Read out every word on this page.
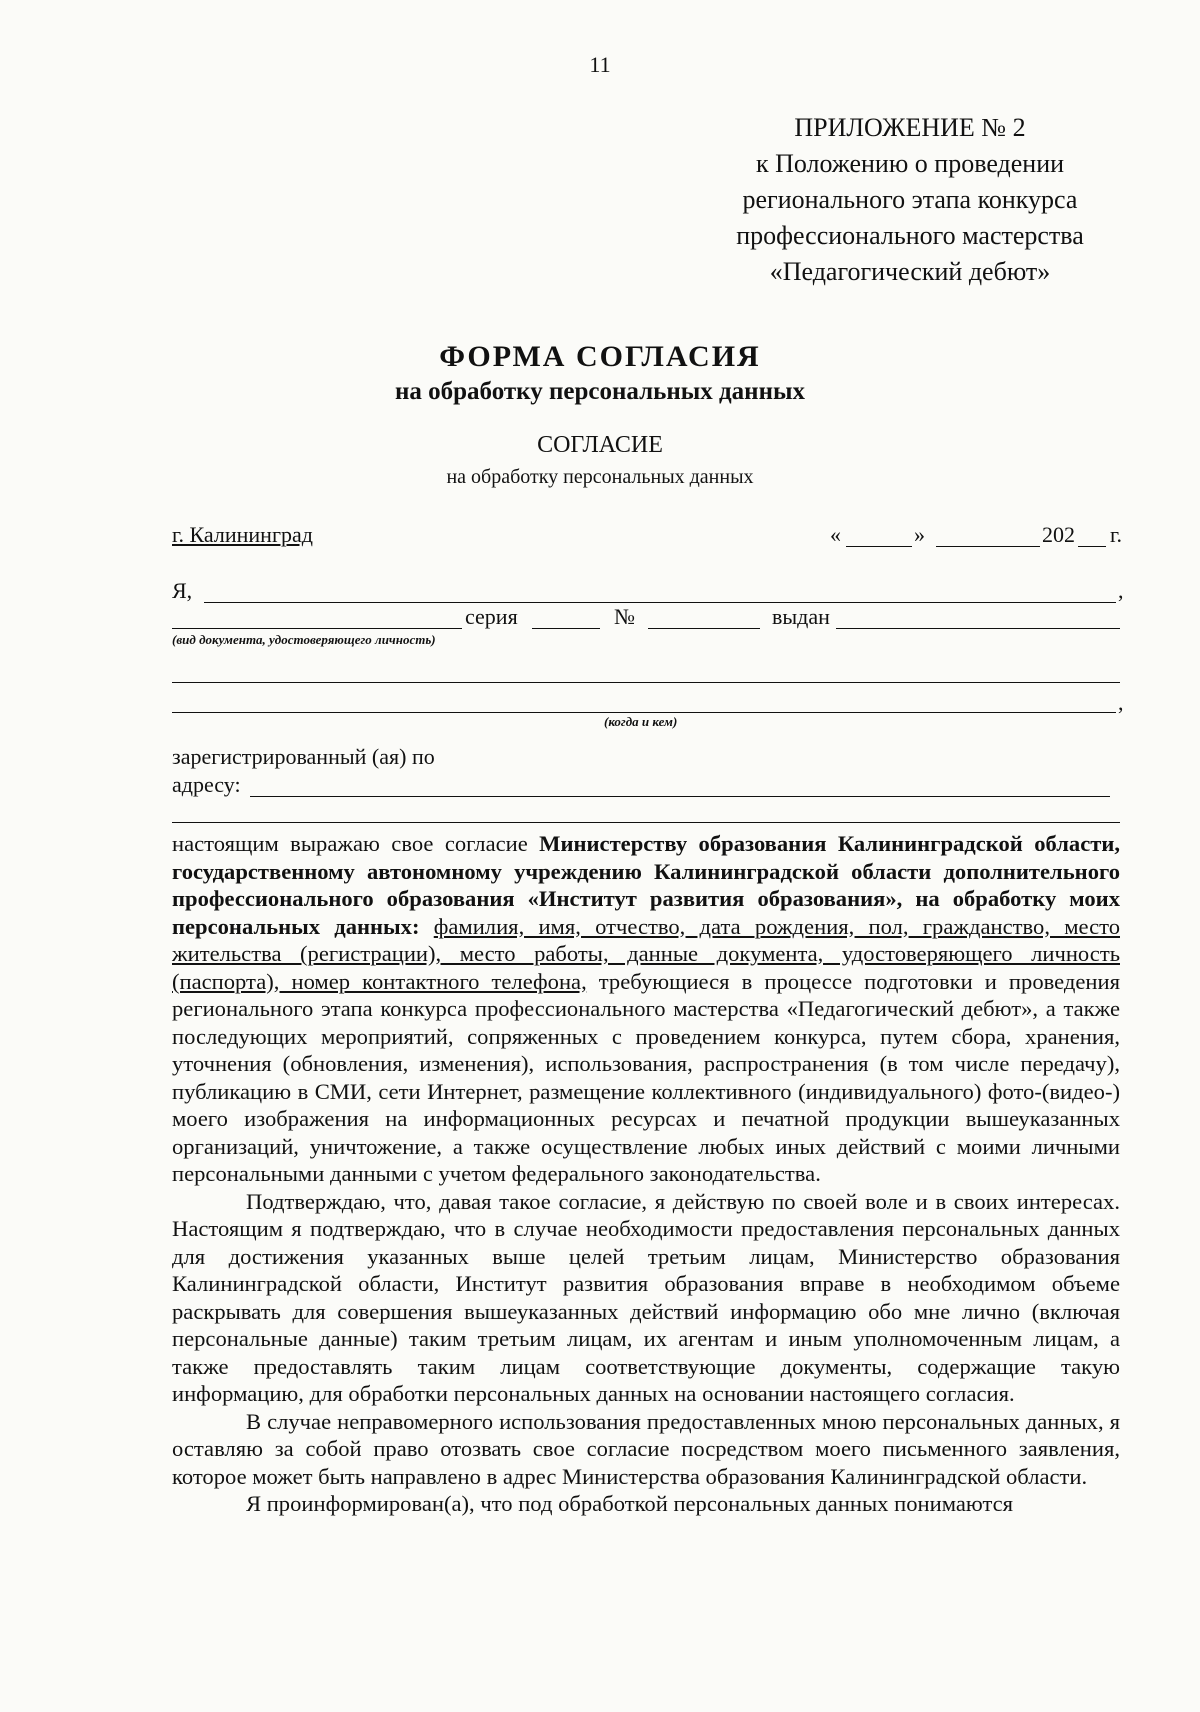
11
ПРИЛОЖЕНИЕ № 2
к Положению о проведении
регионального этапа конкурса
профессионального мастерства
«Педагогический дебют»
ФОРМА СОГЛАСИЯ
на обработку персональных данных
СОГЛАСИЕ
на обработку персональных данных
г. Калининград	«	»	202 г.
Я,	,
серия	№	выдан
(вид документа, удостоверяющего личность)
,
(когда и кем)
зарегистрированный (ая) по
адресу:

настоящим выражаю свое согласие Министерству образования Калининградской области, государственному автономному учреждению Калининградской области дополнительного профессионального образования «Институт развития образования», на обработку моих персональных данных: фамилия, имя, отчество, дата рождения, пол, гражданство, место жительства (регистрации), место работы, данные документа, удостоверяющего личность (паспорта), номер контактного телефона, требующиеся в процессе подготовки и проведения регионального этапа конкурса профессионального мастерства «Педагогический дебют», а также последующих мероприятий, сопряженных с проведением конкурса, путем сбора, хранения, уточнения (обновления, изменения), использования, распространения (в том числе передачу), публикацию в СМИ, сети Интернет, размещение коллективного (индивидуального) фото-(видео-) моего изображения на информационных ресурсах и печатной продукции вышеуказанных организаций, уничтожение, а также осуществление любых иных действий с моими личными персональными данными с учетом федерального законодательства.

Подтверждаю, что, давая такое согласие, я действую по своей воле и в своих интересах. Настоящим я подтверждаю, что в случае необходимости предоставления персональных данных для достижения указанных выше целей третьим лицам, Министерство образования Калининградской области, Институт развития образования вправе в необходимом объеме раскрывать для совершения вышеуказанных действий информацию обо мне лично (включая персональные данные) таким третьим лицам, их агентам и иным уполномоченным лицам, а также предоставлять таким лицам соответствующие документы, содержащие такую информацию, для обработки персональных данных на основании настоящего согласия.

В случае неправомерного использования предоставленных мною персональных данных, я оставляю за собой право отозвать свое согласие посредством моего письменного заявления, которое может быть направлено в адрес Министерства образования Калининградской области.

Я проинформирован(а), что под обработкой персональных данных понимаются
